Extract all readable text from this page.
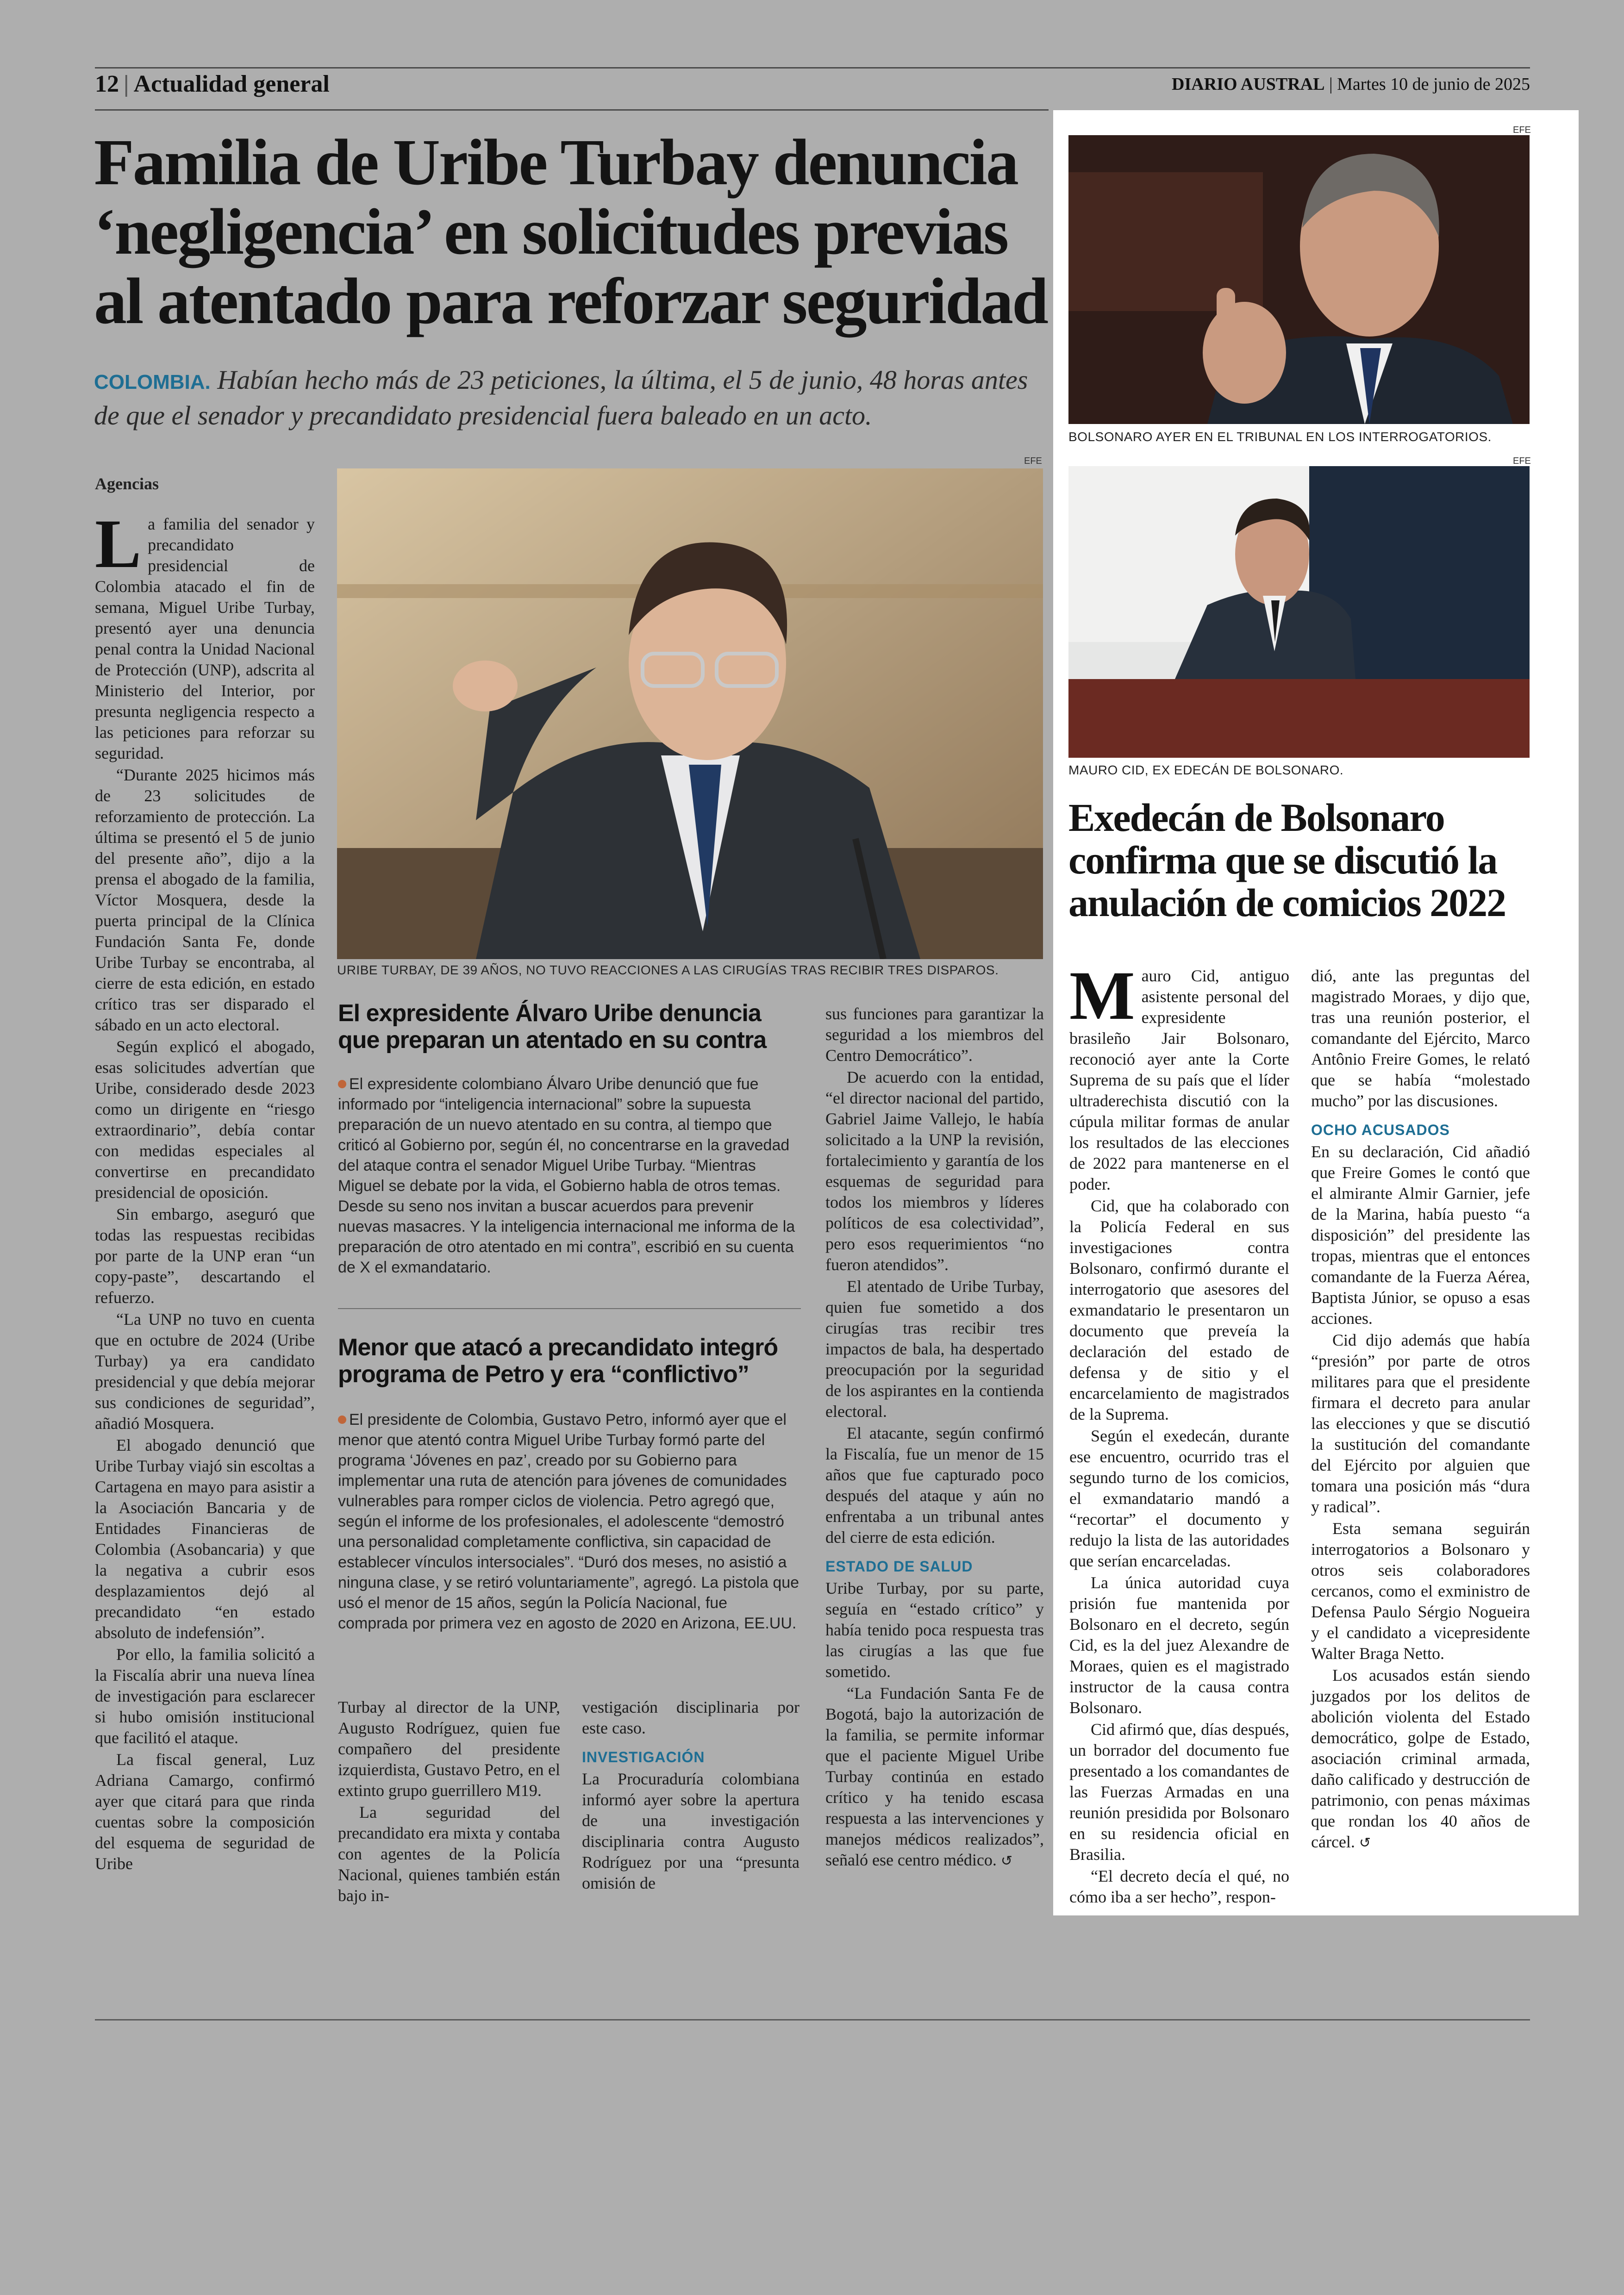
12 | Actualidad general	DIARIO AUSTRAL | Martes 10 de junio de 2025
Familia de Uribe Turbay denuncia ‘negligencia’ en solicitudes previas al atentado para reforzar seguridad
COLOMBIA. Habían hecho más de 23 peticiones, la última, el 5 de junio, 48 horas antes de que el senador y precandidato presidencial fuera baleado en un acto.
Agencias
L a familia del senador y precandidato presidencial de Colombia atacado el fin de semana, Miguel Uribe Turbay, presentó ayer una denuncia penal contra la Unidad Nacional de Protección (UNP), adscrita al Ministerio del Interior, por presunta negligencia respecto a las peticiones para reforzar su seguridad.

“Durante 2025 hicimos más de 23 solicitudes de reforzamiento de protección. La última se presentó el 5 de junio del presente año”, dijo a la prensa el abogado de la familia, Víctor Mosquera, desde la puerta principal de la Clínica Fundación Santa Fe, donde Uribe Turbay se encontraba, al cierre de esta edición, en estado crítico tras ser disparado el sábado en un acto electoral.

Según explicó el abogado, esas solicitudes advertían que Uribe, considerado desde 2023 como un dirigente en “riesgo extraordinario”, debía contar con medidas especiales al convertirse en precandidato presidencial de oposición.

Sin embargo, aseguró que todas las respuestas recibidas por parte de la UNP eran “un copy-paste”, descartando el refuerzo.

“La UNP no tuvo en cuenta que en octubre de 2024 (Uribe Turbay) ya era candidato presidencial y que debía mejorar sus condiciones de seguridad”, añadió Mosquera.

El abogado denunció que Uribe Turbay viajó sin escoltas a Cartagena en mayo para asistir a la Asociación Bancaria y de Entidades Financieras de Colombia (Asobancaria) y que la negativa a cubrir esos desplazamientos dejó al precandidato “en estado absoluto de indefensión”.

Por ello, la familia solicitó a la Fiscalía abrir una nueva línea de investigación para esclarecer si hubo omisión institucional que facilitó el ataque.

La fiscal general, Luz Adriana Camargo, confirmó ayer que citará para que rinda cuentas sobre la composición del esquema de seguridad de Uribe

EFE
URIBE TURBAY, DE 39 AÑOS, NO TUVO REACCIONES A LAS CIRUGÍAS TRAS RECIBIR TRES DISPAROS.
El expresidente Álvaro Uribe denuncia que preparan un atentado en su contra
El expresidente colombiano Álvaro Uribe denunció que fue informado por “inteligencia internacional” sobre la supuesta preparación de un nuevo atentado en su contra, al tiempo que criticó al Gobierno por, según él, no concentrarse en la gravedad del ataque contra el senador Miguel Uribe Turbay. “Mientras Miguel se debate por la vida, el Gobierno habla de otros temas. Desde su seno nos invitan a buscar acuerdos para prevenir nuevas masacres. Y la inteligencia internacional me informa de la preparación de otro atentado en mi contra”, escribió en su cuenta de X el exmandatario.
Menor que atacó a precandidato integró programa de Petro y era “conflictivo”
El presidente de Colombia, Gustavo Petro, informó ayer que el menor que atentó contra Miguel Uribe Turbay formó parte del programa ‘Jóvenes en paz’, creado por su Gobierno para implementar una ruta de atención para jóvenes de comunidades vulnerables para romper ciclos de violencia. Petro agregó que, según el informe de los profesionales, el adolescente “demostró una personalidad completamente conflictiva, sin capacidad de establecer vínculos intersociales”. “Duró dos meses, no asistió a ninguna clase, y se retiró voluntariamente”, agregó. La pistola que usó el menor de 15 años, según la Policía Nacional, fue comprada por primera vez en agosto de 2020 en Arizona, EE.UU.

Turbay al director de la UNP, Augusto Rodríguez, quien fue compañero del presidente izquierdista, Gustavo Petro, en el extinto grupo guerrillero M19.

La seguridad del precandidato era mixta y contaba con agentes de la Policía Nacional, quienes también están bajo in-

vestigación disciplinaria por este caso.

INVESTIGACIÓN

La Procuraduría colombiana informó ayer sobre la apertura de una investigación disciplinaria contra Augusto Rodríguez por una “presunta omisión de

sus funciones para garantizar la seguridad a los miembros del Centro Democrático”.

De acuerdo con la entidad, “el director nacional del partido, Gabriel Jaime Vallejo, le había solicitado a la UNP la revisión, fortalecimiento y garantía de los esquemas de seguridad para todos los miembros y líderes políticos de esa colectividad”, pero esos requerimientos “no fueron atendidos”.

El atentado de Uribe Turbay, quien fue sometido a dos cirugías tras recibir tres impactos de bala, ha despertado preocupación por la seguridad de los aspirantes en la contienda electoral.

El atacante, según confirmó la Fiscalía, fue un menor de 15 años que fue capturado poco después del ataque y aún no enfrentaba a un tribunal antes del cierre de esta edición.

ESTADO DE SALUD

Uribe Turbay, por su parte, seguía en “estado crítico” y había tenido poca respuesta tras las cirugías a las que fue sometido.

“La Fundación Santa Fe de Bogotá, bajo la autorización de la familia, se permite informar que el paciente Miguel Uribe Turbay continúa en estado crítico y ha tenido escasa respuesta a las intervenciones y manejos médicos realizados”, señaló ese centro médico. ↺

EFE
BOLSONARO AYER EN EL TRIBUNAL EN LOS INTERROGATORIOS.
EFE
MAURO CID, EX EDECÁN DE BOLSONARO.
Exedecán de Bolsonaro confirma que se discutió la anulación de comicios 2022
M auro Cid, antiguo asistente personal del expresidente brasileño Jair Bolsonaro, reconoció ayer ante la Corte Suprema de su país que el líder ultraderechista discutió con la cúpula militar formas de anular los resultados de las elecciones de 2022 para mantenerse en el poder.

Cid, que ha colaborado con la Policía Federal en sus investigaciones contra Bolsonaro, confirmó durante el interrogatorio que asesores del exmandatario le presentaron un documento que preveía la declaración del estado de defensa y de sitio y el encarcelamiento de magistrados de la Suprema.

Según el exedecán, durante ese encuentro, ocurrido tras el segundo turno de los comicios, el exmandatario mandó a “recortar” el documento y redujo la lista de las autoridades que serían encarceladas.

La única autoridad cuya prisión fue mantenida por Bolsonaro en el decreto, según Cid, es la del juez Alexandre de Moraes, quien es el magistrado instructor de la causa contra Bolsonaro.

Cid afirmó que, días después, un borrador del documento fue presentado a los comandantes de las Fuerzas Armadas en una reunión presidida por Bolsonaro en su residencia oficial en Brasilia.

“El decreto decía el qué, no cómo iba a ser hecho”, respon-

dió, ante las preguntas del magistrado Moraes, y dijo que, tras una reunión posterior, el comandante del Ejército, Marco Antônio Freire Gomes, le relató que se había “molestado mucho” por las discusiones.

OCHO ACUSADOS

En su declaración, Cid añadió que Freire Gomes le contó que el almirante Almir Garnier, jefe de la Marina, había puesto “a disposición” del presidente las tropas, mientras que el entonces comandante de la Fuerza Aérea, Baptista Júnior, se opuso a esas acciones.

Cid dijo además que había “presión” por parte de otros militares para que el presidente firmara el decreto para anular las elecciones y que se discutió la sustitución del comandante del Ejército por alguien que tomara una posición más “dura y radical”.

Esta semana seguirán interrogatorios a Bolsonaro y otros seis colaboradores cercanos, como el exministro de Defensa Paulo Sérgio Nogueira y el candidato a vicepresidente Walter Braga Netto.

Los acusados están siendo juzgados por los delitos de abolición violenta del Estado democrático, golpe de Estado, asociación criminal armada, daño calificado y destrucción de patrimonio, con penas máximas que rondan los 40 años de cárcel. ↺
